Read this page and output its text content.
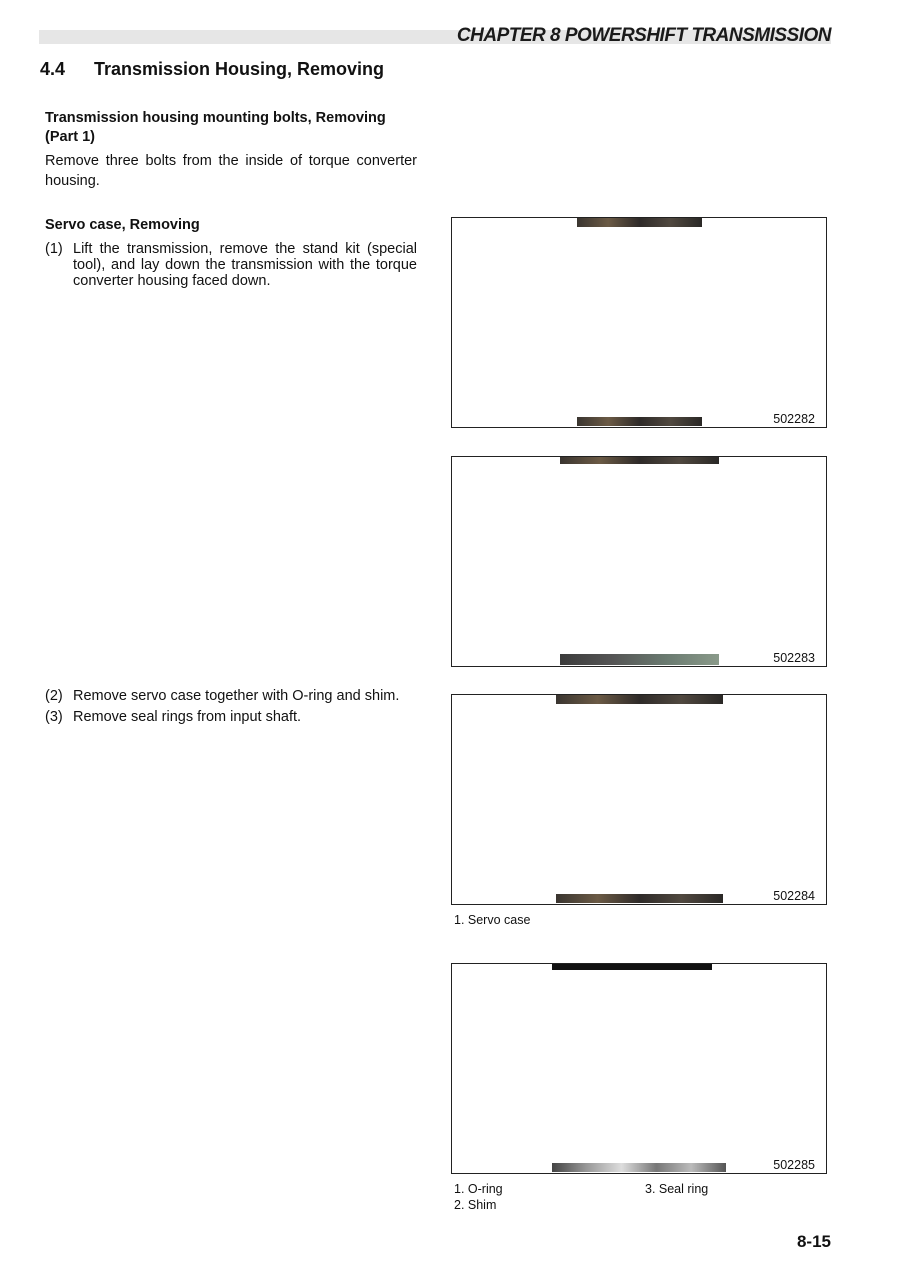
CHAPTER 8 POWERSHIFT TRANSMISSION
4.4 Transmission Housing, Removing
Transmission housing mounting bolts, Removing
(Part 1)
Remove three bolts from the inside of torque converter housing.
Servo case, Removing
(1) Lift the transmission, remove the stand kit (special tool), and lay down the transmission with the torque converter housing faced down.
(2) Remove servo case together with O-ring and shim.
(3) Remove seal rings from input shaft.
502282
502283
502284
1. Servo case
502285
1. O-ring
2. Shim
3. Seal ring
8-15
